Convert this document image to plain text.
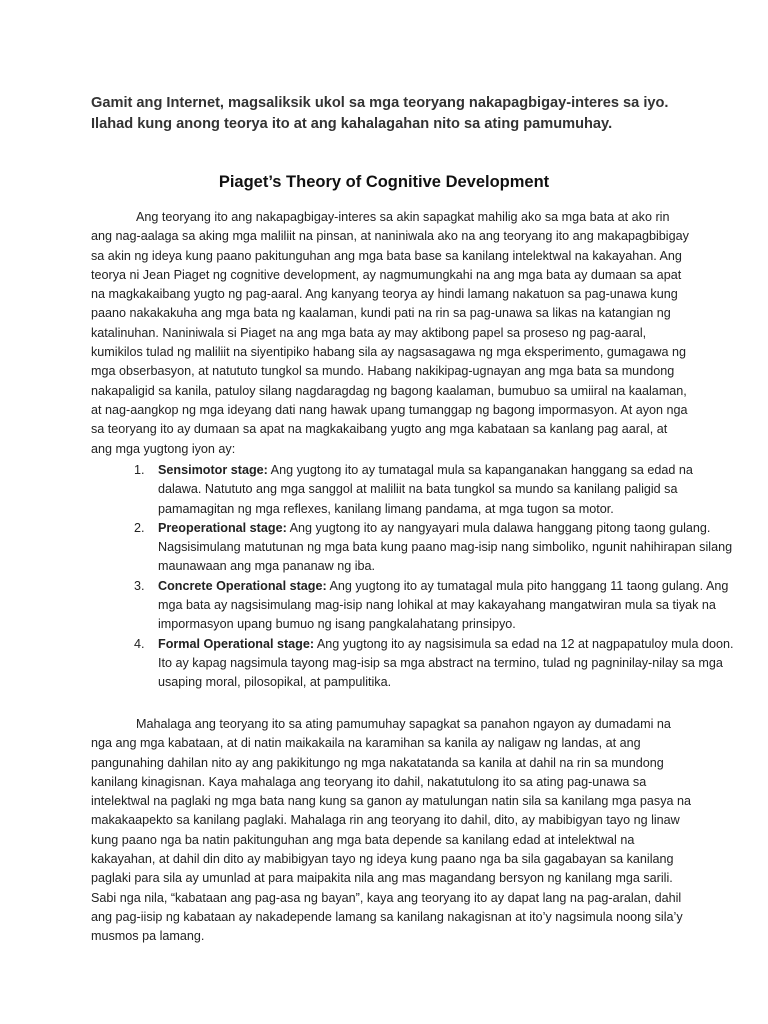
Gamit ang Internet, magsaliksik ukol sa mga teoryang nakapagbigay-interes sa iyo. Ilahad kung anong teorya ito at ang kahalagahan nito sa ating pamumuhay.

Piaget’s Theory of Cognitive Development

Ang teoryang ito ang nakapagbigay-interes sa akin sapagkat mahilig ako sa mga bata at ako rin ang nag-aalaga sa aking mga maliliit na pinsan, at naniniwala ako na ang teoryang ito ang makapagbibigay sa akin ng ideya kung paano pakitunguhan ang mga bata base sa kanilang intelektwal na kakayahan. Ang teorya ni Jean Piaget ng cognitive development, ay nagmumungkahi na ang mga bata ay dumaan sa apat na magkakaibang yugto ng pag-aaral. Ang kanyang teorya ay hindi lamang nakatuon sa pag-unawa kung paano nakakakuha ang mga bata ng kaalaman, kundi pati na rin sa pag-unawa sa likas na katangian ng katalinuhan. Naniniwala si Piaget na ang mga bata ay may aktibong papel sa proseso ng pag-aaral, kumikilos tulad ng maliliit na siyentipiko habang sila ay nagsasagawa ng mga eksperimento, gumagawa ng mga obserbasyon, at natututo tungkol sa mundo. Habang nakikipag-ugnayan ang mga bata sa mundong nakapaligid sa kanila, patuloy silang nagdaragdag ng bagong kaalaman, bumubuo sa umiiral na kaalaman, at nag-aangkop ng mga ideyang dati nang hawak upang tumanggap ng bagong impormasyon. At ayon nga sa teoryang ito ay dumaan sa apat na magkakaibang yugto ang mga kabataan sa kanlang pag aaral, at ang mga yugtong iyon ay:

1. Sensimotor stage: Ang yugtong ito ay tumatagal mula sa kapanganakan hanggang sa edad na dalawa. Natututo ang mga sanggol at maliliit na bata tungkol sa mundo sa kanilang paligid sa pamamagitan ng mga reflexes, kanilang limang pandama, at mga tugon sa motor.
2. Preoperational stage: Ang yugtong ito ay nangyayari mula dalawa hanggang pitong taong gulang. Nagsisimulang matutunan ng mga bata kung paano mag-isip nang simboliko, ngunit nahihirapan silang maunawaan ang mga pananaw ng iba.
3. Concrete Operational stage: Ang yugtong ito ay tumatagal mula pito hanggang 11 taong gulang. Ang mga bata ay nagsisimulang mag-isip nang lohikal at may kakayahang mangatwiran mula sa tiyak na impormasyon upang bumuo ng isang pangkalahatang prinsipyo.
4. Formal Operational stage: Ang yugtong ito ay nagsisimula sa edad na 12 at nagpapatuloy mula doon. Ito ay kapag nagsimula tayong mag-isip sa mga abstract na termino, tulad ng pagninilay-nilay sa mga usaping moral, pilosopikal, at pampulitika.

Mahalaga ang teoryang ito sa ating pamumuhay sapagkat sa panahon ngayon ay dumadami na nga ang mga kabataan, at di natin maikakaila na karamihan sa kanila ay naligaw ng landas, at ang pangunahing dahilan nito ay ang pakikitungo ng mga nakatatanda sa kanila at dahil na rin sa mundong kanilang kinagisnan. Kaya mahalaga ang teoryang ito dahil, nakatutulong ito sa ating pag-unawa sa intelektwal na paglaki ng mga bata nang kung sa ganon ay matulungan natin sila sa kanilang mga pasya na makakaapekto sa kanilang paglaki. Mahalaga rin ang teoryang ito dahil, dito, ay mabibigyan tayo ng linaw kung paano nga ba natin pakitunguhan ang mga bata depende sa kanilang edad at intelektwal na kakayahan, at dahil din dito ay mabibigyan tayo ng ideya kung paano nga ba sila gagabayan sa kanilang paglaki para sila ay umunlad at para maipakita nila ang mas magandang bersyon ng kanilang mga sarili. Sabi nga nila, “kabataan ang pag-asa ng bayan”, kaya ang teoryang ito ay dapat lang na pag-aralan, dahil ang pag-iisip ng kabataan ay nakadepende lamang sa kanilang nakagisnan at ito’y nagsimula noong sila’y musmos pa lamang.
